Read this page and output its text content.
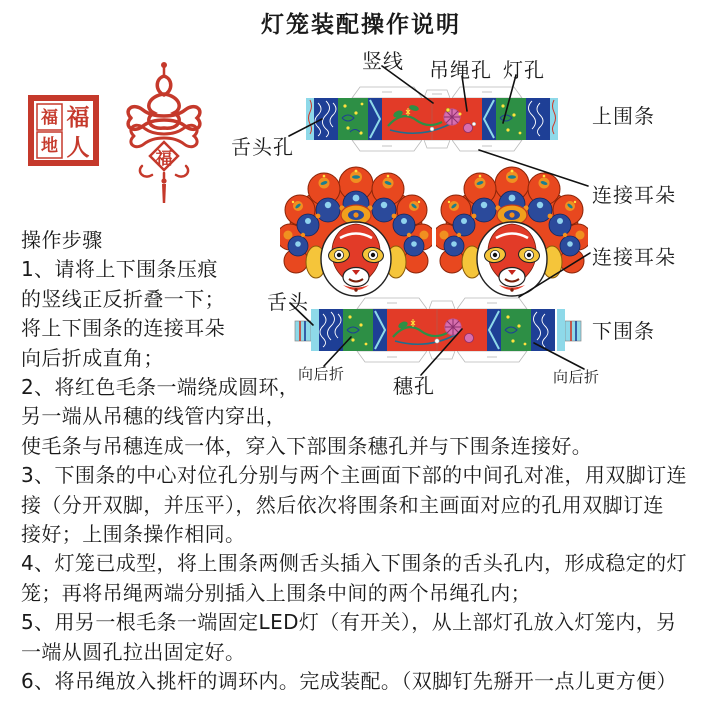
灯笼装配操作说明
福
地
福
人	福
竖线 吊绳孔 灯孔
上围条
舌头孔
连接耳朵
连接耳朵
舌头
下围条
向后折 穗孔	向后折
操作步骤
1、请将上下围条压痕
的竖线正反折叠一下；
将上下围条的连接耳朵
向后折成直角；
2、将红色毛条一端绕成圆环，
另一端从吊穗的线管内穿出，
使毛条与吊穗连成一体，穿入下部围条穗孔并与下围条连接好。
3、下围条的中心对位孔分别与两个主画面下部的中间孔对准，用双脚订连
接（分开双脚，并压平），然后依次将围条和主画面对应的孔用双脚订连
接好；上围条操作相同。
4、灯笼已成型，将上围条两侧舌头插入下围条的舌头孔内，形成稳定的灯
笼；再将吊绳两端分别插入上围条中间的两个吊绳孔内；
5、用另一根毛条一端固定LED灯（有开关），从上部灯孔放入灯笼内，另
一端从圆孔拉出固定好。
6、将吊绳放入挑杆的调环内。完成装配。（双脚钉先掰开一点儿更方便）
